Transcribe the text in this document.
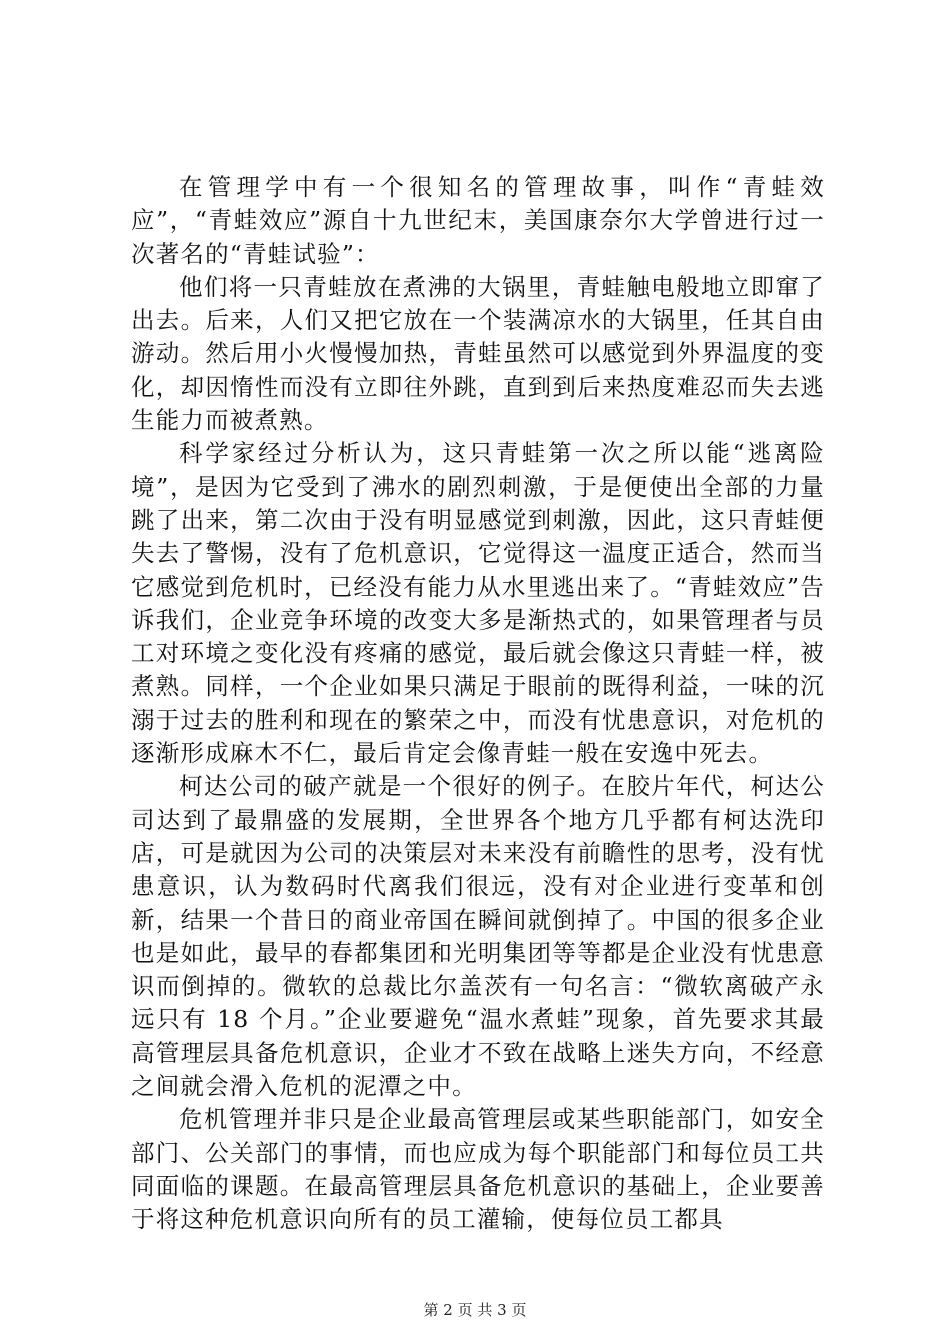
在管理学中有一个很知名的管理故事，叫作“青蛙效应”，“青蛙效应”源自十九世纪末，美国康奈尔大学曾进行过一次著名的“青蛙试验”：

他们将一只青蛙放在煮沸的大锅里，青蛙触电般地立即窜了出去。后来，人们又把它放在一个装满凉水的大锅里，任其自由游动。然后用小火慢慢加热，青蛙虽然可以感觉到外界温度的变化，却因惰性而没有立即往外跳，直到到后来热度难忍而失去逃生能力而被煮熟。

科学家经过分析认为，这只青蛙第一次之所以能“逃离险境”，是因为它受到了沸水的剧烈刺激，于是便使出全部的力量跳了出来，第二次由于没有明显感觉到刺激，因此，这只青蛙便失去了警惕，没有了危机意识，它觉得这一温度正适合，然而当它感觉到危机时，已经没有能力从水里逃出来了。“青蛙效应”告诉我们，企业竞争环境的改变大多是渐热式的，如果管理者与员工对环境之变化没有疼痛的感觉，最后就会像这只青蛙一样，被煮熟。同样，一个企业如果只满足于眼前的既得利益，一味的沉溺于过去的胜利和现在的繁荣之中，而没有忧患意识，对危机的逐渐形成麻木不仁，最后肯定会像青蛙一般在安逸中死去。

柯达公司的破产就是一个很好的例子。在胶片年代，柯达公司达到了最鼎盛的发展期，全世界各个地方几乎都有柯达洗印店，可是就因为公司的决策层对未来没有前瞻性的思考，没有忧患意识，认为数码时代离我们很远，没有对企业进行变革和创新，结果一个昔日的商业帝国在瞬间就倒掉了。中国的很多企业也是如此，最早的春都集团和光明集团等等都是企业没有忧患意识而倒掉的。微软的总裁比尔盖茨有一句名言：“微软离破产永远只有 18 个月。”企业要避免“温水煮蛙”现象，首先要求其最高管理层具备危机意识，企业才不致在战略上迷失方向，不经意之间就会滑入危机的泥潭之中。

危机管理并非只是企业最高管理层或某些职能部门，如安全部门、公关部门的事情，而也应成为每个职能部门和每位员工共同面临的课题。在最高管理层具备危机意识的基础上，企业要善于将这种危机意识向所有的员工灌输，使每位员工都具

第 2 页 共 3 页
